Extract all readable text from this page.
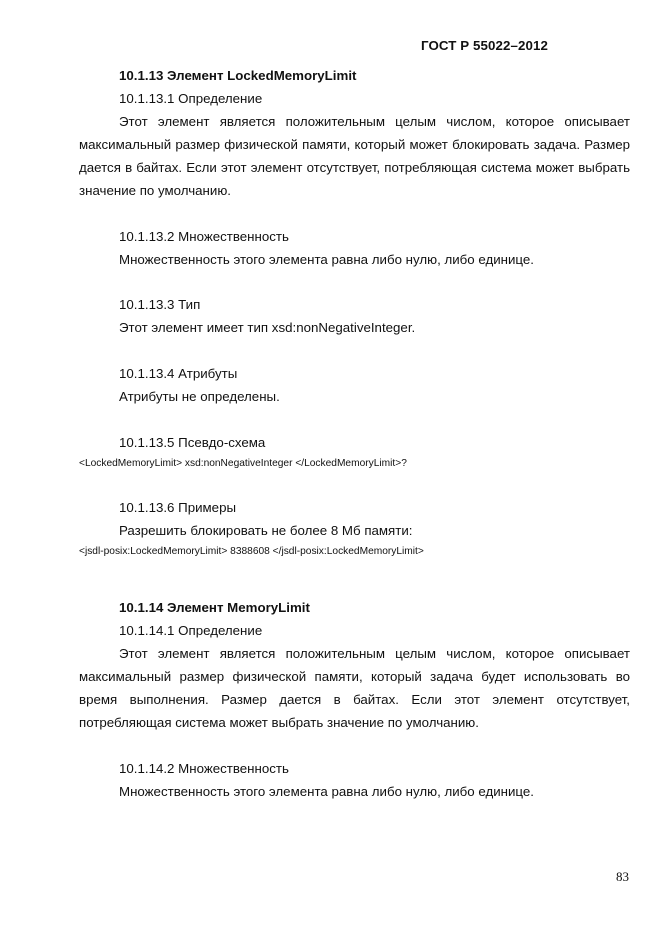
ГОСТ Р 55022–2012
10.1.13 Элемент LockedMemoryLimit
10.1.13.1 Определение
Этот элемент является положительным целым числом, которое описывает максимальный размер физической памяти, который может блокировать задача. Размер дается в байтах. Если этот элемент отсутствует, потребляющая система может выбрать значение по умолчанию.
10.1.13.2 Множественность
Множественность этого элемента равна либо нулю, либо единице.
10.1.13.3 Тип
Этот элемент имеет тип xsd:nonNegativeInteger.
10.1.13.4 Атрибуты
Атрибуты не определены.
10.1.13.5 Псевдо-схема
<LockedMemoryLimit> xsd:nonNegativeInteger </LockedMemoryLimit>?
10.1.13.6 Примеры
Разрешить блокировать не более 8 Мб памяти:
<jsdl-posix:LockedMemoryLimit> 8388608 </jsdl-posix:LockedMemoryLimit>
10.1.14 Элемент MemoryLimit
10.1.14.1 Определение
Этот элемент является положительным целым числом, которое описывает максимальный размер физической памяти, который задача будет использовать во время выполнения. Размер дается в байтах. Если этот элемент отсутствует, потребляющая система может выбрать значение по умолчанию.
10.1.14.2 Множественность
Множественность этого элемента равна либо нулю, либо единице.
83
